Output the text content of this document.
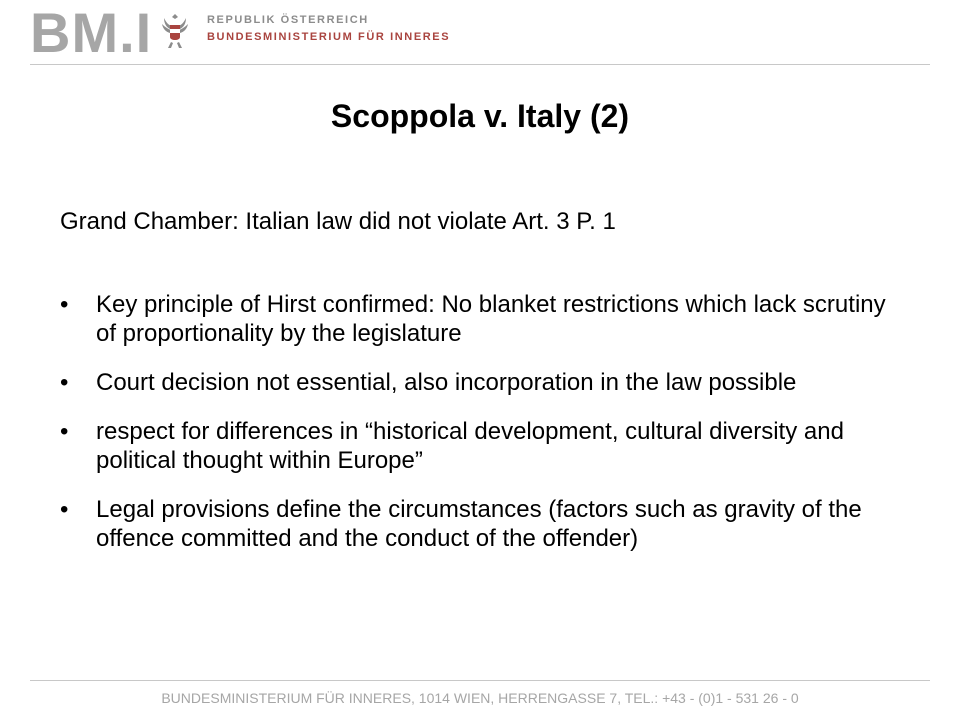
BM.I	REPUBLIK ÖSTERREICH
BUNDESMINISTERIUM FÜR INNERES
Scoppola v. Italy (2)
Grand Chamber: Italian law did not violate Art. 3 P. 1
• Key principle of Hirst confirmed: No blanket restrictions which lack scrutiny of proportionality by the legislature
• Court decision not essential, also incorporation in the law possible
• respect for differences in “historical development, cultural diversity and political thought within Europe”
• Legal provisions define the circumstances (factors such as gravity of the offence committed and the conduct of the offender)
BUNDESMINISTERIUM FÜR INNERES, 1014 WIEN, HERRENGASSE 7, TEL.: +43 - (0)1 - 531 26 - 0
